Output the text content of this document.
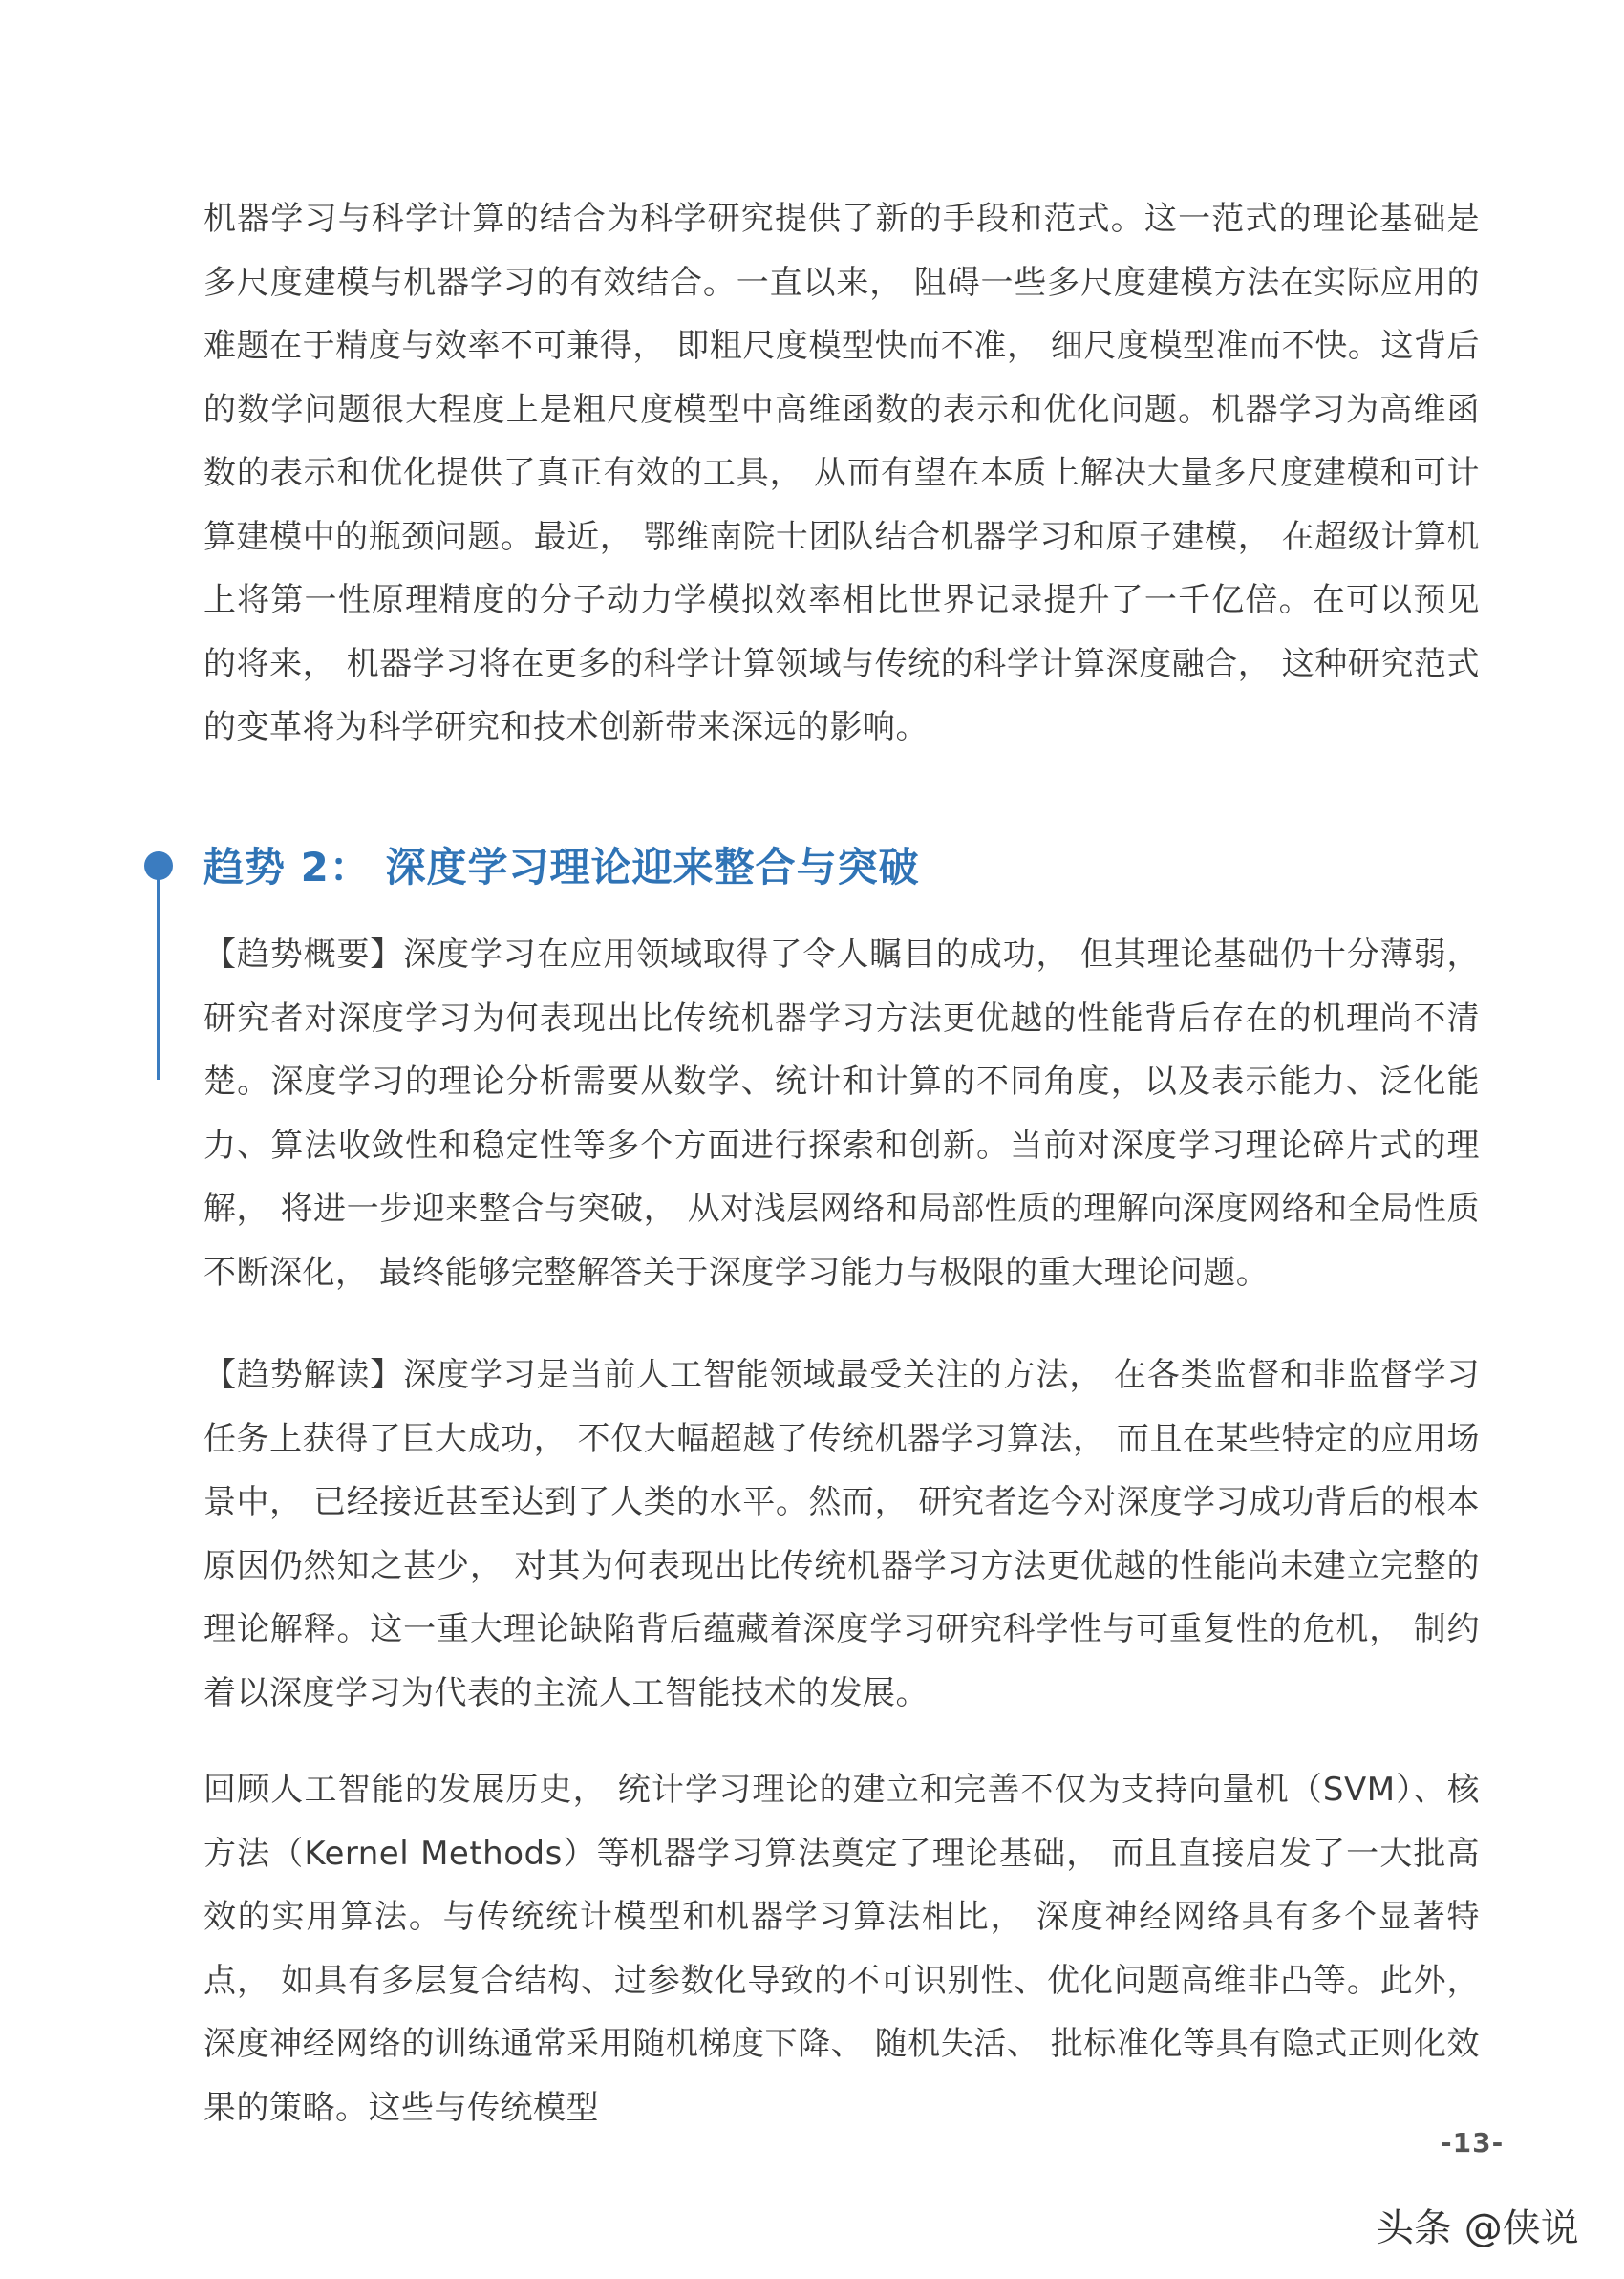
机器学习与科学计算的结合为科学研究提供了新的手段和范式。这一范式的理论基础是多尺度建模与机器学习的有效结合。一直以来， 阻碍一些多尺度建模方法在实际应用的难题在于精度与效率不可兼得， 即粗尺度模型快而不准， 细尺度模型准而不快。这背后的数学问题很大程度上是粗尺度模型中高维函数的表示和优化问题。机器学习为高维函数的表示和优化提供了真正有效的工具， 从而有望在本质上解决大量多尺度建模和可计算建模中的瓶颈问题。最近， 鄂维南院士团队结合机器学习和原子建模， 在超级计算机上将第一性原理精度的分子动力学模拟效率相比世界记录提升了一千亿倍。在可以预见的将来， 机器学习将在更多的科学计算领域与传统的科学计算深度融合， 这种研究范式的变革将为科学研究和技术创新带来深远的影响。

趋势 2： 深度学习理论迎来整合与突破

【趋势概要】深度学习在应用领域取得了令人瞩目的成功， 但其理论基础仍十分薄弱， 研究者对深度学习为何表现出比传统机器学习方法更优越的性能背后存在的机理尚不清楚。深度学习的理论分析需要从数学、统计和计算的不同角度，以及表示能力、泛化能力、算法收敛性和稳定性等多个方面进行探索和创新。当前对深度学习理论碎片式的理解， 将进一步迎来整合与突破， 从对浅层网络和局部性质的理解向深度网络和全局性质不断深化， 最终能够完整解答关于深度学习能力与极限的重大理论问题。

【趋势解读】深度学习是当前人工智能领域最受关注的方法， 在各类监督和非监督学习任务上获得了巨大成功， 不仅大幅超越了传统机器学习算法， 而且在某些特定的应用场景中， 已经接近甚至达到了人类的水平。然而， 研究者迄今对深度学习成功背后的根本原因仍然知之甚少， 对其为何表现出比传统机器学习方法更优越的性能尚未建立完整的理论解释。这一重大理论缺陷背后蕴藏着深度学习研究科学性与可重复性的危机， 制约着以深度学习为代表的主流人工智能技术的发展。

回顾人工智能的发展历史， 统计学习理论的建立和完善不仅为支持向量机（SVM）、核方法（Kernel Methods）等机器学习算法奠定了理论基础， 而且直接启发了一大批高效的实用算法。与传统统计模型和机器学习算法相比， 深度神经网络具有多个显著特点， 如具有多层复合结构、过参数化导致的不可识别性、优化问题高维非凸等。此外， 深度神经网络的训练通常采用随机梯度下降、 随机失活、 批标准化等具有隐式正则化效果的策略。这些与传统模型

-13-
头条 @侠说
